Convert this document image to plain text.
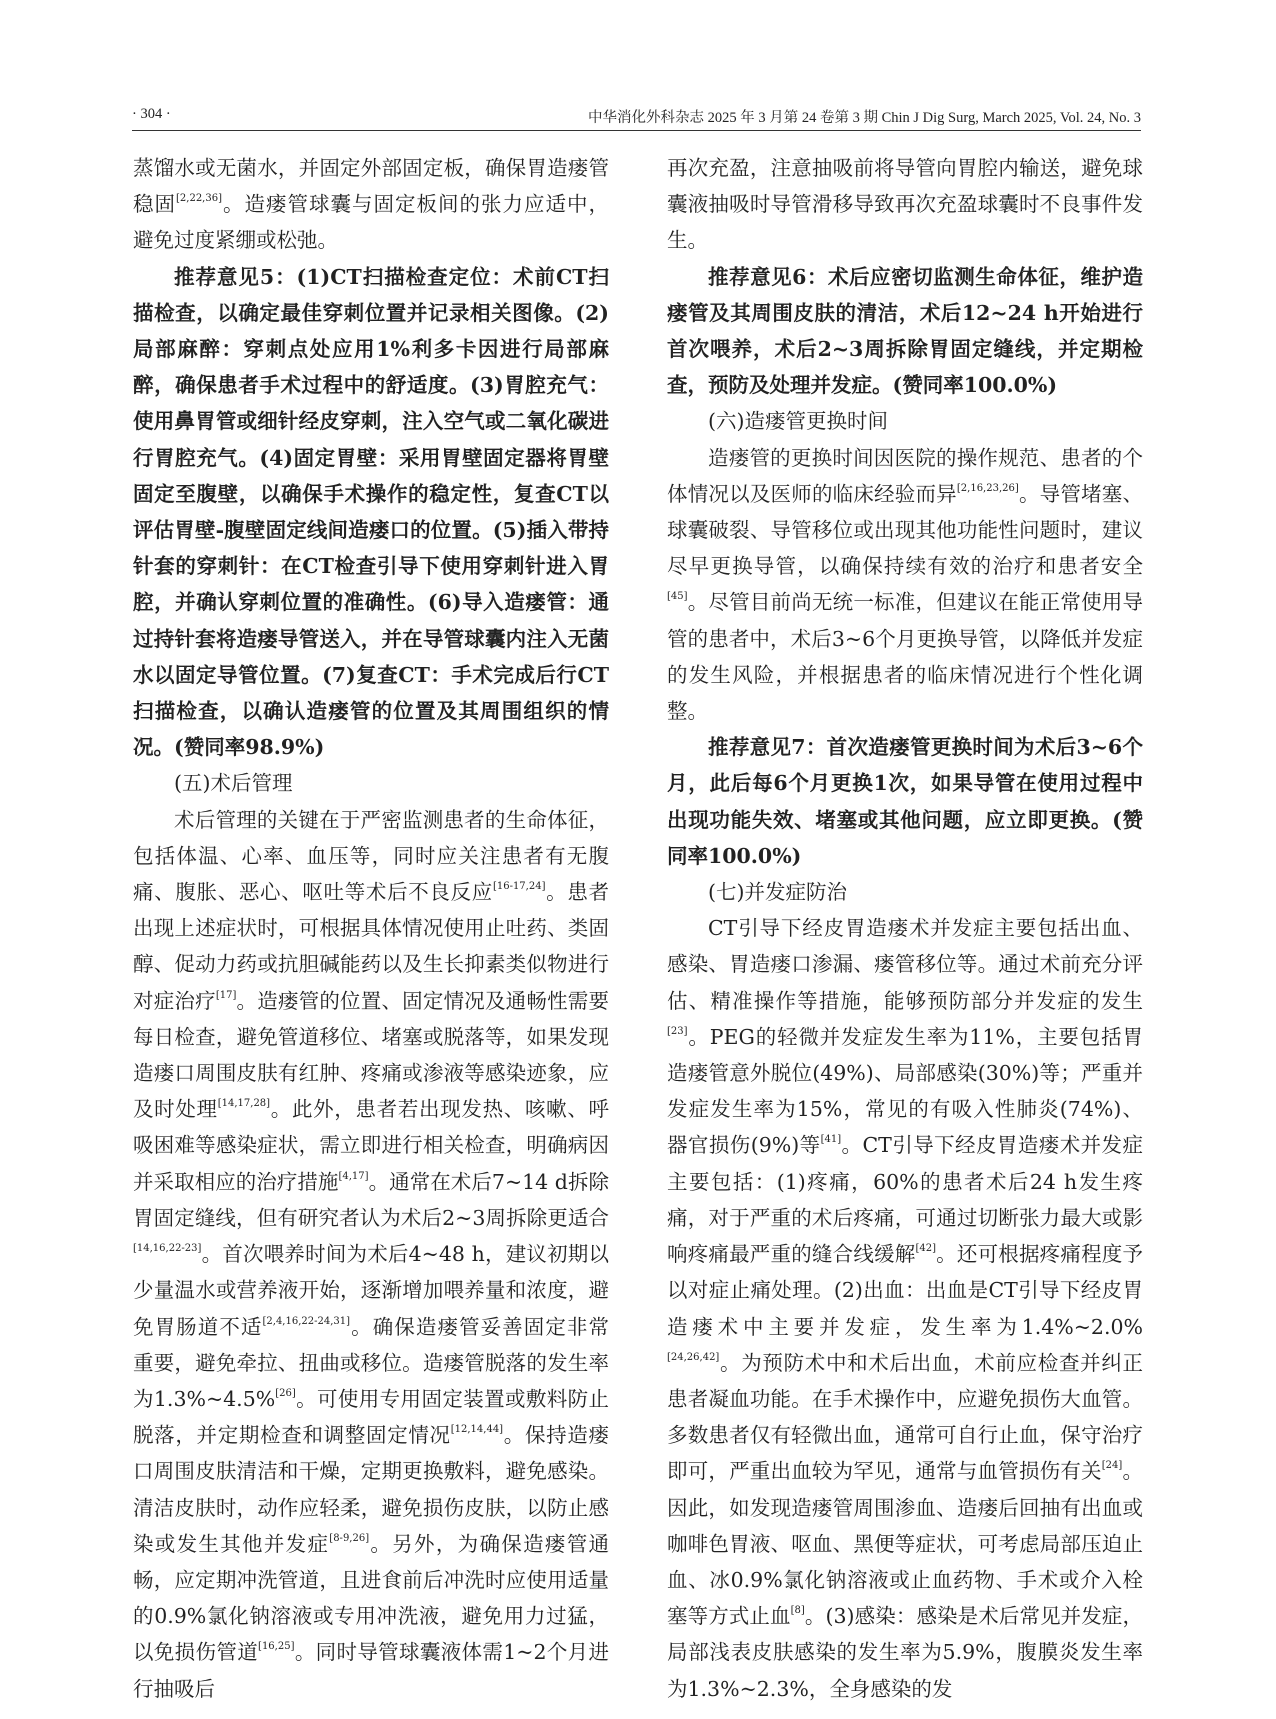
· 304 ·	中华消化外科杂志 2025 年 3 月第 24 卷第 3 期 Chin J Dig Surg, March 2025, Vol. 24, No. 3

蒸馏水或无菌水，并固定外部固定板，确保胃造瘘管稳固[2,22,36]。造瘘管球囊与固定板间的张力应适中，避免过度紧绷或松弛。

推荐意见5：(1)CT扫描检查定位：术前CT扫描检查，以确定最佳穿刺位置并记录相关图像。(2)局部麻醉：穿刺点处应用1%利多卡因进行局部麻醉，确保患者手术过程中的舒适度。(3)胃腔充气：使用鼻胃管或细针经皮穿刺，注入空气或二氧化碳进行胃腔充气。(4)固定胃壁：采用胃壁固定器将胃壁固定至腹壁，以确保手术操作的稳定性，复查CT以评估胃壁-腹壁固定线间造瘘口的位置。(5)插入带持针套的穿刺针：在CT检查引导下使用穿刺针进入胃腔，并确认穿刺位置的准确性。(6)导入造瘘管：通过持针套将造瘘导管送入，并在导管球囊内注入无菌水以固定导管位置。(7)复查CT：手术完成后行CT扫描检查，以确认造瘘管的位置及其周围组织的情况。(赞同率98.9%)

(五)术后管理

术后管理的关键在于严密监测患者的生命体征，包括体温、心率、血压等，同时应关注患者有无腹痛、腹胀、恶心、呕吐等术后不良反应[16-17,24]。患者出现上述症状时，可根据具体情况使用止吐药、类固醇、促动力药或抗胆碱能药以及生长抑素类似物进行对症治疗[17]。造瘘管的位置、固定情况及通畅性需要每日检查，避免管道移位、堵塞或脱落等，如果发现造瘘口周围皮肤有红肿、疼痛或渗液等感染迹象，应及时处理[14,17,28]。此外，患者若出现发热、咳嗽、呼吸困难等感染症状，需立即进行相关检查，明确病因并采取相应的治疗措施[4,17]。通常在术后7~14 d拆除胃固定缝线，但有研究者认为术后2~3周拆除更适合[14,16,22-23]。首次喂养时间为术后4~48 h，建议初期以少量温水或营养液开始，逐渐增加喂养量和浓度，避免胃肠道不适[2,4,16,22-24,31]。确保造瘘管妥善固定非常重要，避免牵拉、扭曲或移位。造瘘管脱落的发生率为1.3%~4.5%[26]。可使用专用固定装置或敷料防止脱落，并定期检查和调整固定情况[12,14,44]。保持造瘘口周围皮肤清洁和干燥，定期更换敷料，避免感染。清洁皮肤时，动作应轻柔，避免损伤皮肤，以防止感染或发生其他并发症[8-9,26]。另外，为确保造瘘管通畅，应定期冲洗管道，且进食前后冲洗时应使用适量的0.9%氯化钠溶液或专用冲洗液，避免用力过猛，以免损伤管道[16,25]。同时导管球囊液体需1~2个月进行抽吸后

再次充盈，注意抽吸前将导管向胃腔内输送，避免球囊液抽吸时导管滑移导致再次充盈球囊时不良事件发生。

推荐意见6：术后应密切监测生命体征，维护造瘘管及其周围皮肤的清洁，术后12~24 h开始进行首次喂养，术后2~3周拆除胃固定缝线，并定期检查，预防及处理并发症。(赞同率100.0%)

(六)造瘘管更换时间

造瘘管的更换时间因医院的操作规范、患者的个体情况以及医师的临床经验而异[2,16,23,26]。导管堵塞、球囊破裂、导管移位或出现其他功能性问题时，建议尽早更换导管，以确保持续有效的治疗和患者安全[45]。尽管目前尚无统一标准，但建议在能正常使用导管的患者中，术后3~6个月更换导管，以降低并发症的发生风险，并根据患者的临床情况进行个性化调整。

推荐意见7：首次造瘘管更换时间为术后3~6个月，此后每6个月更换1次，如果导管在使用过程中出现功能失效、堵塞或其他问题，应立即更换。(赞同率100.0%)

(七)并发症防治

CT引导下经皮胃造瘘术并发症主要包括出血、感染、胃造瘘口渗漏、瘘管移位等。通过术前充分评估、精准操作等措施，能够预防部分并发症的发生[23]。PEG的轻微并发症发生率为11%，主要包括胃造瘘管意外脱位(49%)、局部感染(30%)等；严重并发症发生率为15%，常见的有吸入性肺炎(74%)、器官损伤(9%)等[41]。CT引导下经皮胃造瘘术并发症主要包括：(1)疼痛，60%的患者术后24 h发生疼痛，对于严重的术后疼痛，可通过切断张力最大或影响疼痛最严重的缝合线缓解[42]。还可根据疼痛程度予以对症止痛处理。(2)出血：出血是CT引导下经皮胃造瘘术中主要并发症，发生率为1.4%~2.0%[24,26,42]。为预防术中和术后出血，术前应检查并纠正患者凝血功能。在手术操作中，应避免损伤大血管。多数患者仅有轻微出血，通常可自行止血，保守治疗即可，严重出血较为罕见，通常与血管损伤有关[24]。因此，如发现造瘘管周围渗血、造瘘后回抽有出血或咖啡色胃液、呕血、黑便等症状，可考虑局部压迫止血、冰0.9%氯化钠溶液或止血药物、手术或介入栓塞等方式止血[8]。(3)感染：感染是术后常见并发症，局部浅表皮肤感染的发生率为5.9%，腹膜炎发生率为1.3%~2.3%，全身感染的发
